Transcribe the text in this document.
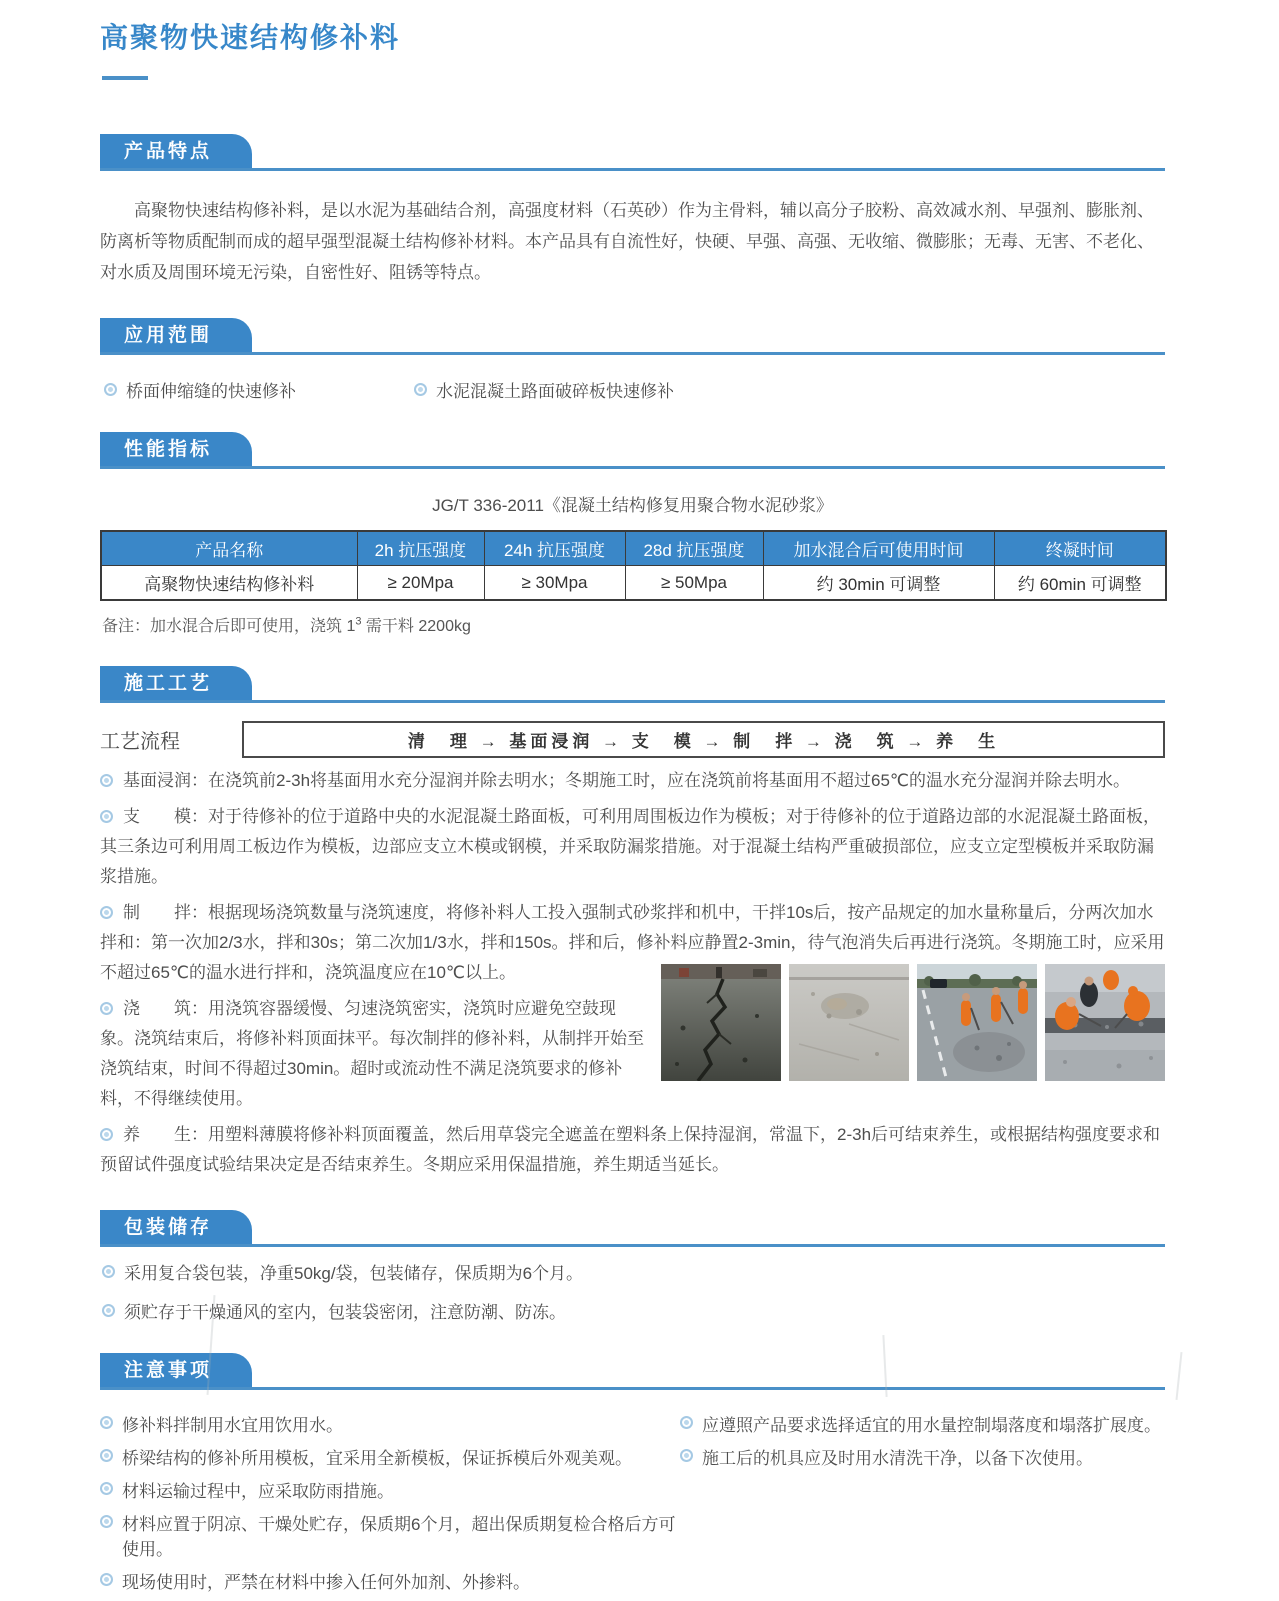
高聚物快速结构修补料
产品特点

高聚物快速结构修补料，是以水泥为基础结合剂，高强度材料（石英砂）作为主骨料，辅以高分子胶粉、高效减水剂、早强剂、膨胀剂、防离析等物质配制而成的超早强型混凝土结构修补材料。本产品具有自流性好，快硬、早强、高强、无收缩、微膨胀；无毒、无害、不老化、对水质及周围环境无污染，自密性好、阻锈等特点。

应用范围
桥面伸缩缝的快速修补	水泥混凝土路面破碎板快速修补
性能指标
JG/T 336-2011《混凝土结构修复用聚合物水泥砂浆》
产品名称	2h 抗压强度	24h 抗压强度	28d 抗压强度	加水混合后可使用时间	终凝时间
高聚物快速结构修补料	≥ 20Mpa	≥ 30Mpa	≥ 50Mpa	约 30min 可调整	约 60min 可调整
备注：加水混合后即可使用，浇筑 $1^3$ 需干料 2200kg
施工工艺
工艺流程	清　理 → 基面浸润 → 支　模 → 制　拌 → 浇　筑 → 养　生

基面浸润：在浇筑前2-3h将基面用水充分湿润并除去明水；冬期施工时，应在浇筑前将基面用不超过65℃的温水充分湿润并除去明水。

支　　模：对于待修补的位于道路中央的水泥混凝土路面板，可利用周围板边作为模板；对于待修补的位于道路边部的水泥混凝土路面板，其三条边可利用周工板边作为模板，边部应支立木模或钢模，并采取防漏浆措施。对于混凝土结构严重破损部位，应支立定型模板并采取防漏浆措施。

制　　拌：根据现场浇筑数量与浇筑速度，将修补料人工投入强制式砂浆拌和机中，干拌10s后，按产品规定的加水量称量后，分两次加水拌和：第一次加2/3水，拌和30s；第二次加1/3水，拌和150s。拌和后，修补料应静置2-3min，待气泡消失后再进行浇筑。冬期施工时，应采用不超过65℃的温水进行拌和，浇筑温度应在10℃以上。

浇　　筑：用浇筑容器缓慢、匀速浇筑密实，浇筑时应避免空鼓现象。浇筑结束后，将修补料顶面抹平。每次制拌的修补料，从制拌开始至浇筑结束，时间不得超过30min。超时或流动性不满足浇筑要求的修补料，不得继续使用。

养　　生：用塑料薄膜将修补料顶面覆盖，然后用草袋完全遮盖在塑料条上保持湿润，常温下，2-3h后可结束养生，或根据结构强度要求和预留试件强度试验结果决定是否结束养生。冬期应采用保温措施，养生期适当延长。

包装储存
采用复合袋包装，净重50kg/袋，包装储存，保质期为6个月。
须贮存于干燥通风的室内，包装袋密闭，注意防潮、防冻。
注意事项
修补料拌制用水宜用饮用水。
桥梁结构的修补所用模板，宜采用全新模板，保证拆模后外观美观。
材料运输过程中，应采取防雨措施。
材料应置于阴凉、干燥处贮存，保质期6个月，超出保质期复检合格后方可使用。
现场使用时，严禁在材料中掺入任何外加剂、外掺料。
应遵照产品要求选择适宜的用水量控制塌落度和塌落扩展度。
施工后的机具应及时用水清洗干净，以备下次使用。
